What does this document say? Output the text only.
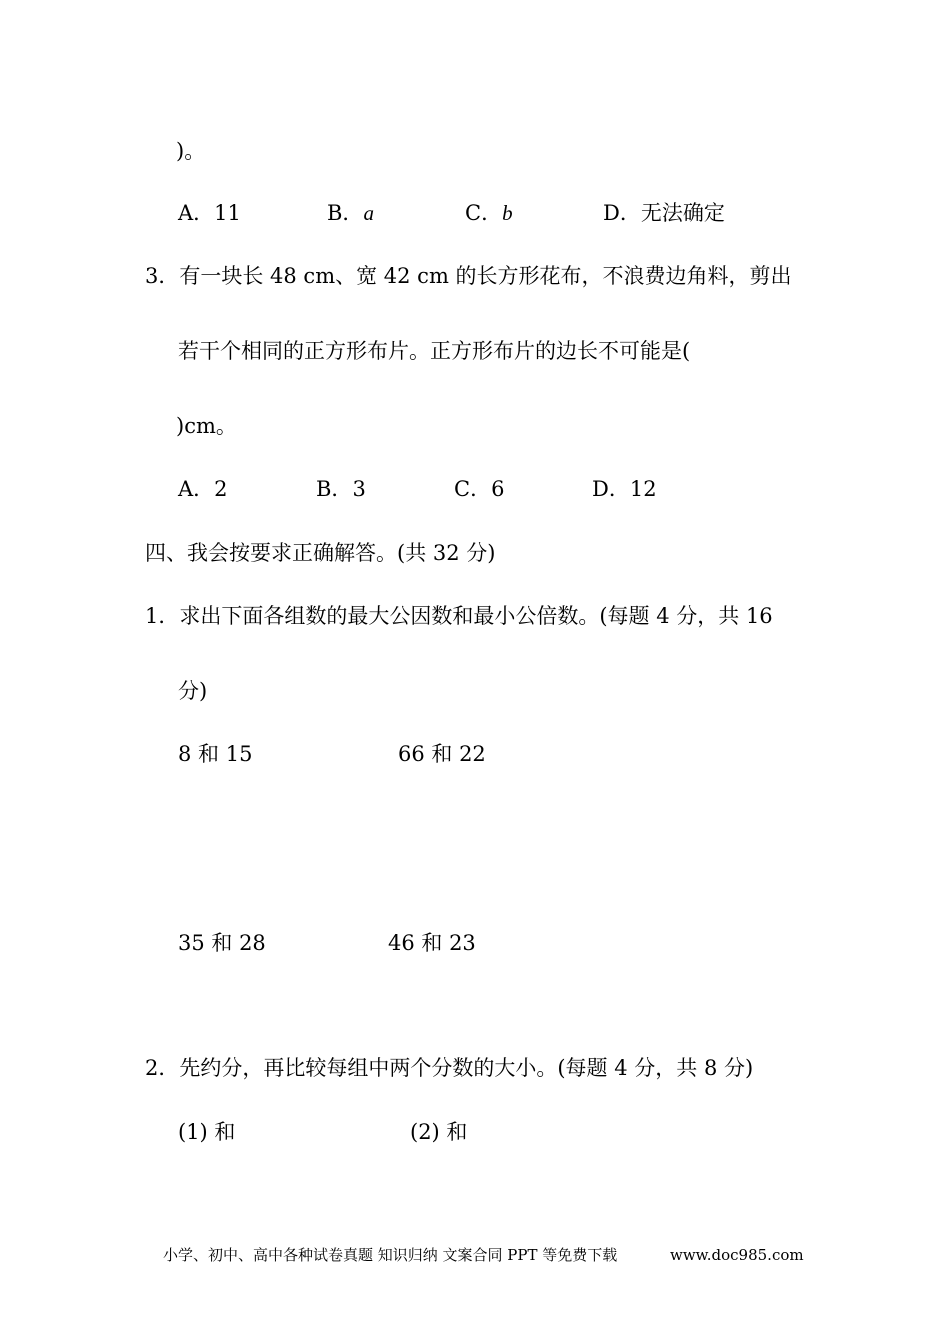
)。
A．11	B．a	C．b	D．无法确定
3．有一块长 48 cm、宽 42 cm 的长方形花布，不浪费边角料，剪出
若干个相同的正方形布片。正方形布片的边长不可能是(
)cm。
A．2	B．3	C．6	D．12
四、我会按要求正确解答。(共 32 分)
1．求出下面各组数的最大公因数和最小公倍数。(每题 4 分，共 16
分)
8 和 15	66 和 22
35 和 28	46 和 23
2．先约分，再比较每组中两个分数的大小。(每题 4 分，共 8 分)
(1) 和	(2) 和
小学、初中、高中各种试卷真题 知识归纳 文案合同 PPT 等免费下载	www.doc985.com
